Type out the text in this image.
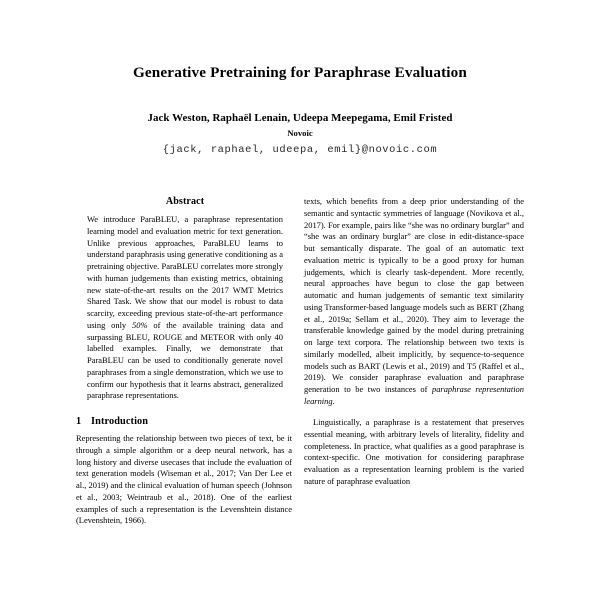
Generative Pretraining for Paraphrase Evaluation
Jack Weston, Raphaël Lenain, Udeepa Meepegama, Emil Fristed
Novoic
{jack, raphael, udeepa, emil}@novoic.com
Abstract

We introduce ParaBLEU, a paraphrase representation learning model and evaluation metric for text generation. Unlike previous approaches, ParaBLEU learns to understand paraphrasis using generative conditioning as a pretraining objective. ParaBLEU correlates more strongly with human judgements than existing metrics, obtaining new state-of-the-art results on the 2017 WMT Metrics Shared Task. We show that our model is robust to data scarcity, exceeding previous state-of-the-art performance using only 50% of the available training data and surpassing BLEU, ROUGE and METEOR with only 40 labelled examples. Finally, we demonstrate that ParaBLEU can be used to conditionally generate novel paraphrases from a single demonstration, which we use to confirm our hypothesis that it learns abstract, generalized paraphrase representations.

1 Introduction

Representing the relationship between two pieces of text, be it through a simple algorithm or a deep neural network, has a long history and diverse usecases that include the evaluation of text generation models (Wiseman et al., 2017; Van Der Lee et al., 2019) and the clinical evaluation of human speech (Johnson et al., 2003; Weintraub et al., 2018). One of the earliest examples of such a representation is the Levenshtein distance (Levenshtein, 1966).

texts, which benefits from a deep prior understanding of the semantic and syntactic symmetries of language (Novikova et al., 2017). For example, pairs like “she was no ordinary burglar” and “she was an ordinary burglar” are close in edit-distance-space but semantically disparate. The goal of an automatic text evaluation metric is typically to be a good proxy for human judgements, which is clearly task-dependent. More recently, neural approaches have begun to close the gap between automatic and human judgements of semantic text similarity using Transformer-based language models such as BERT (Zhang et al., 2019a; Sellam et al., 2020). They aim to leverage the transferable knowledge gained by the model during pretraining on large text corpora. The relationship between two texts is similarly modelled, albeit implicitly, by sequence-to-sequence models such as BART (Lewis et al., 2019) and T5 (Raffel et al., 2019). We consider paraphrase evaluation and paraphrase generation to be two instances of paraphrase representation learning.

Linguistically, a paraphrase is a restatement that preserves essential meaning, with arbitrary levels of literality, fidelity and completeness. In practice, what qualifies as a good paraphrase is context-specific. One motivation for considering paraphrase evaluation as a representation learning problem is the varied nature of paraphrase evaluation
